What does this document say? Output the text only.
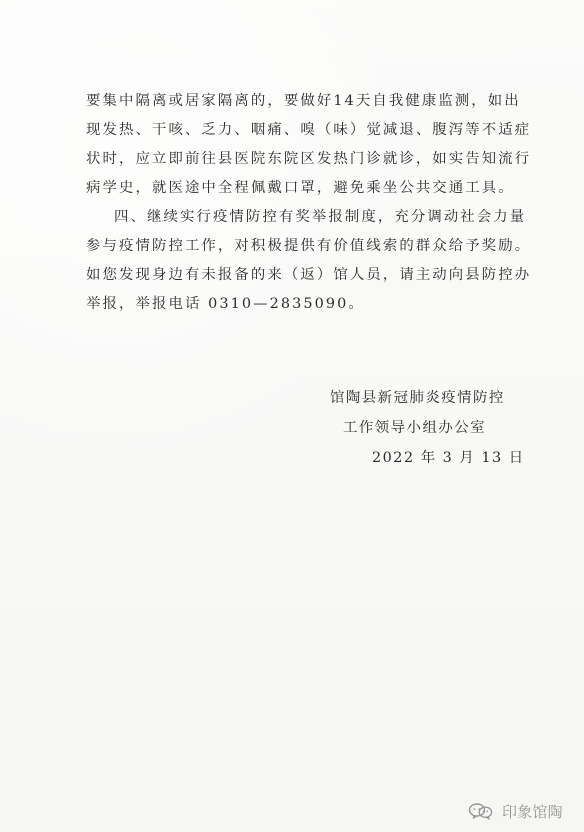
要集中隔离或居家隔离的，要做好14天自我健康监测，如出
现发热、干咳、乏力、咽痛、嗅（味）觉减退、腹泻等不适症
状时，应立即前往县医院东院区发热门诊就诊，如实告知流行
病学史，就医途中全程佩戴口罩，避免乘坐公共交通工具。
四、继续实行疫情防控有奖举报制度，充分调动社会力量
参与疫情防控工作，对积极提供有价值线索的群众给予奖励。
如您发现身边有未报备的来（返）馆人员，请主动向县防控办
举报，举报电话 0310—2835090。
馆陶县新冠肺炎疫情防控
工作领导小组办公室
2022 年 3 月 13 日
印象馆陶
